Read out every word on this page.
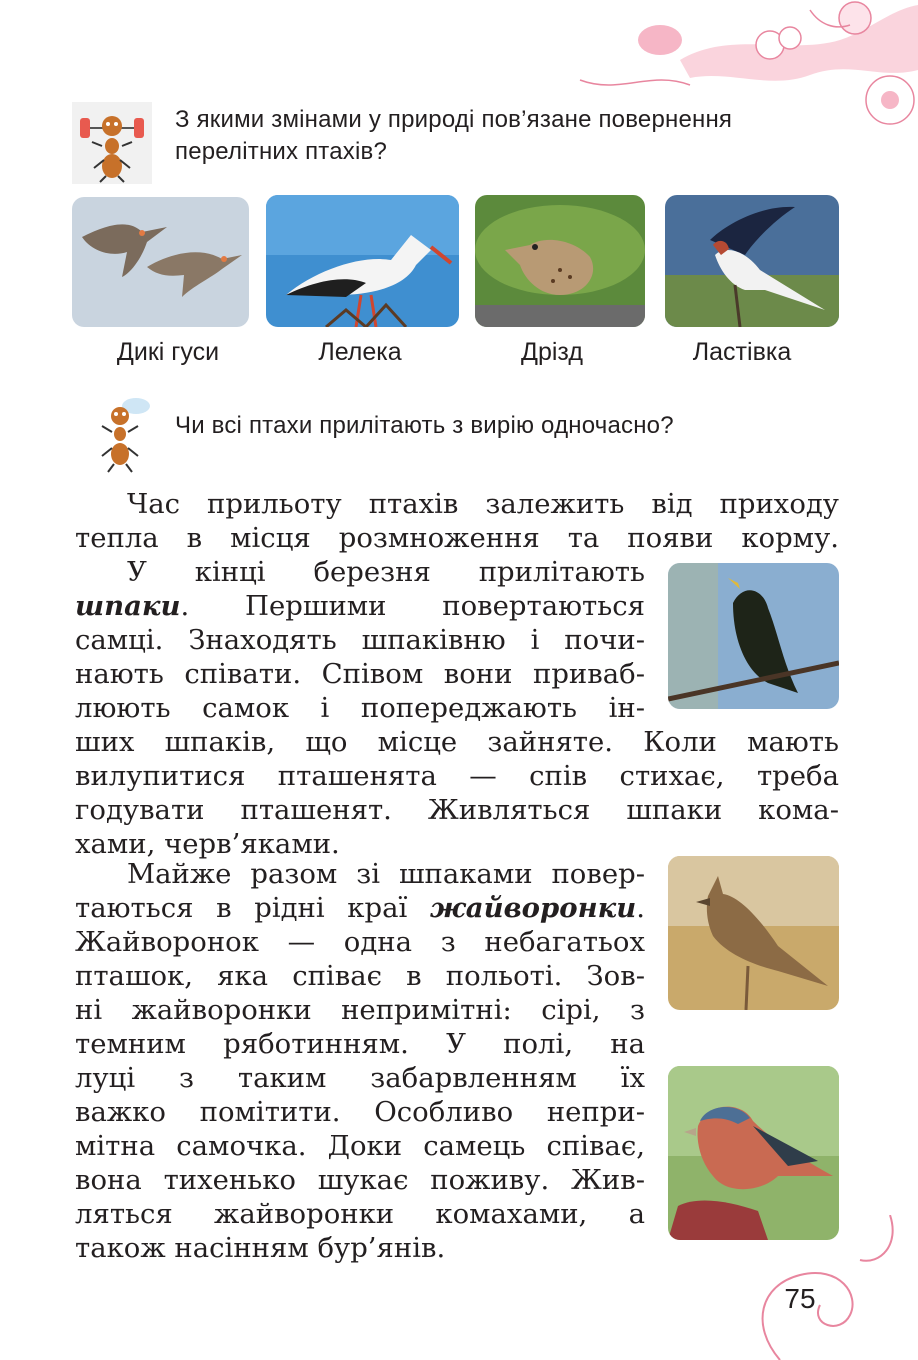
З якими змінами у природі пов’язане повернення
перелітних птахів?
Дикі гуси	Лелека	Дрізд	Ластівка
Чи всі птахи прилітають з вирію одночасно?
Час прильоту птахів залежить від приходу
тепла в місця розмноження та появи корму.
У кінці березня прилітають
шпаки. Першими повертаються
самці. Знаходять шпаківню і почи-
нають співати. Співом вони приваб-
люють самок і попереджають ін-
ших шпаків, що місце зайняте. Коли мають
вилупитися пташенята — спів стихає, треба
годувати пташенят. Живляться шпаки кома-
хами, черв’яками.
Майже разом зі шпаками повер-
таються в рідні краї жайворонки.
Жайворонок — одна з небагатьох
пташок, яка співає в польоті. Зов-
ні жайворонки непримітні: сірі, з
темним ряботинням. У полі, на
луці з таким забарвленням їх
важко помітити. Особливо непри-
мітна самочка. Доки самець співає,
вона тихенько шукає поживу. Жив-
ляться жайворонки комахами, а
також насінням бур’янів.
75
